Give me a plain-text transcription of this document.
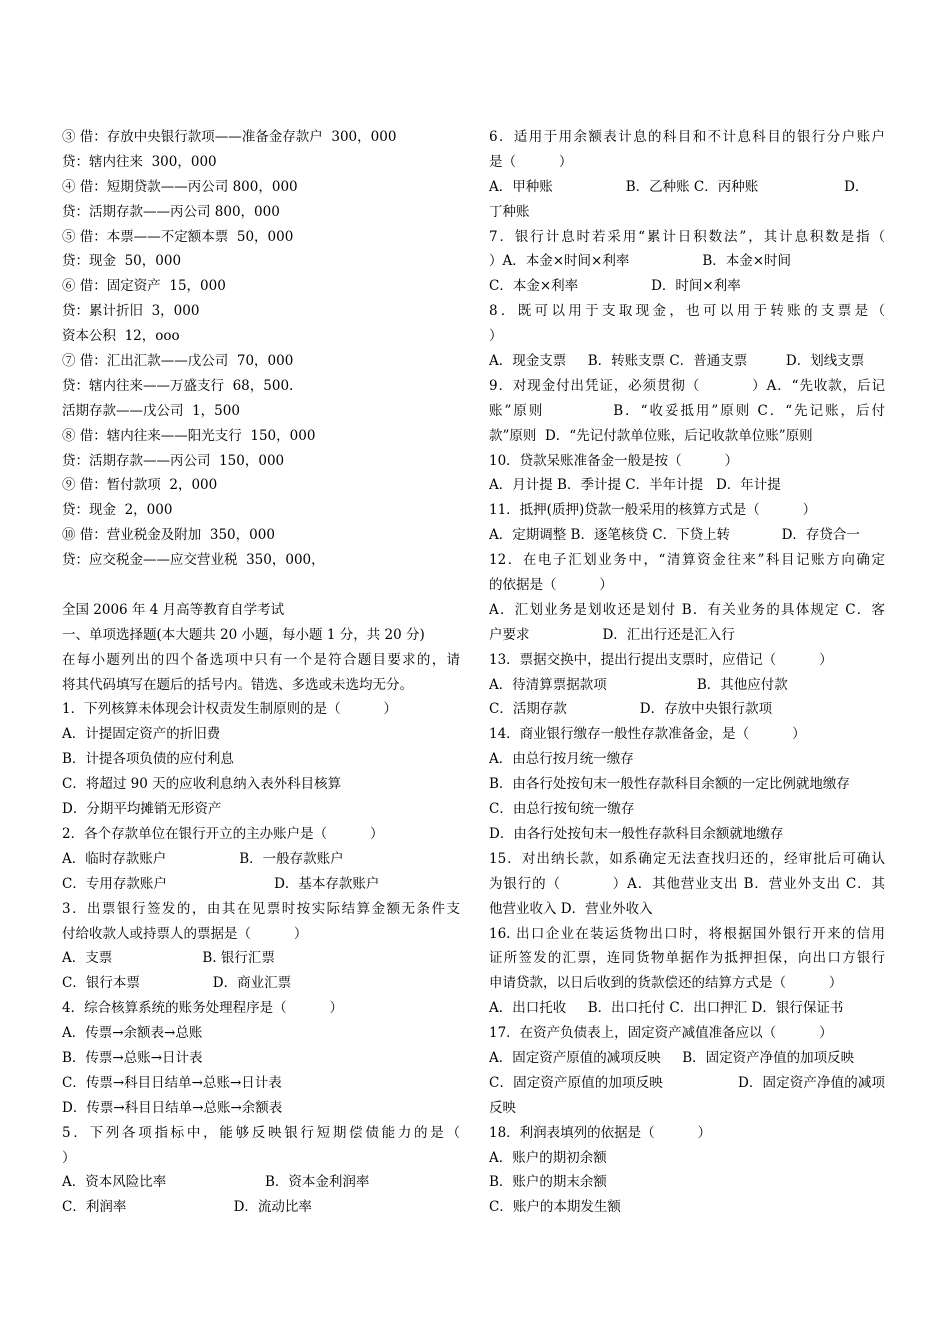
③ 借：存放中央银行款项——准备金存款户  300，000
贷：辖内往来  300，000
④ 借：短期贷款——丙公司 800，000
贷：活期存款——丙公司 800，000
⑤ 借：本票——不定额本票  50，000
贷：现金  50，000
⑥ 借：固定资产  15，000
贷：累计折旧  3，000
资本公积  12，ooo
⑦ 借：汇出汇款——戊公司  70，000
贷：辖内往来——万盛支行  68，500.
活期存款——戊公司  1，500
⑧ 借：辖内往来——阳光支行  150，000
贷：活期存款——丙公司  150，000
⑨ 借：暂付款项  2，000
贷：现金  2，000
⑩ 借：营业税金及附加  350，000
贷：应交税金——应交营业税  350，000，
全国 2006 年 4 月高等教育自学考试
一、单项选择题(本大题共 20 小题，每小题 1 分，共 20 分)
在每小题列出的四个备选项中只有一个是符合题目要求的，请
将其代码填写在题后的括号内。错选、多选或未选均无分。
1．下列核算未体现会计权责发生制原则的是（          ）
A．计提固定资产的折旧费
B．计提各项负债的应付利息
C．将超过 90 天的应收利息纳入表外科目核算
D．分期平均摊销无形资产
2．各个存款单位在银行开立的主办账户是（          ）
A．临时存款账户                 B．一般存款账户
C．专用存款账户                         D．基本存款账户
3．出票银行签发的，由其在见票时按实际结算金额无条件支
付给收款人或持票人的票据是（          ）
A．支票                     B. 银行汇票
C．银行本票                 D．商业汇票
4．综合核算系统的账务处理程序是（          ）
A．传票→余额表→总账
B．传票→总账→日计表
C．传票→科目日结单→总账→日计表
D．传票→科目日结单→总账→余额表
5．下列各项指标中，能够反映银行短期偿债能力的是（
）
A．资本风险比率                       B．资本金利润率
C．利润率                         D．流动比率
6．适用于用余额表计息的科目和不计息科目的银行分户账户
是（          ）
A．甲种账                 B．乙种账 C．丙种账                    D．
丁种账
7．银行计息时若采用“累计日积数法”，其计息积数是指（
）A．本金×时间×利率                 B．本金×时间
C．本金×利率                 D．时间×利率
8．既可以用于支取现金，也可以用于转账的支票是（
）
A．现金支票     B．转账支票 C．普通支票         D．划线支票
9．对现金付出凭证，必须贯彻（          ）A．“先收款，后记
账”原则           B．“收妥抵用”原则 C．“先记账，后付
款”原则  D．“先记付款单位账，后记收款单位账”原则
10．贷款呆账准备金一般是按（          ）
A．月计提 B．季计提 C．半年计提   D．年计提
11．抵押(质押)贷款一般采用的核算方式是（          ）
A．定期调整 B．逐笔核贷 C．下贷上转            D．存贷合一
12．在电子汇划业务中，“清算资金往来”科目记账方向确定
的依据是（          ）
A．汇划业务是划收还是划付 B．有关业务的具体规定 C．客
户要求                 D．汇出行还是汇入行
13．票据交换中，提出行提出支票时，应借记（          ）
A．待清算票据款项                     B．其他应付款
C．活期存款                 D．存放中央银行款项
14．商业银行缴存一般性存款准备金，是（          ）
A．由总行按月统一缴存
B．由各行处按旬末一般性存款科目余额的一定比例就地缴存
C．由总行按旬统一缴存
D．由各行处按旬末一般性存款科目余额就地缴存
15．对出纳长款，如系确定无法查找归还的，经审批后可确认
为银行的（          ）A．其他营业支出 B．营业外支出 C．其
他营业收入 D．营业外收入
16. 出口企业在装运货物出口时，将根据国外银行开来的信用
证所签发的汇票，连同货物单据作为抵押担保，向出口方银行
申请贷款，以日后收到的货款偿还的结算方式是（          ）
A．出口托收     B．出口托付 C．出口押汇 D．银行保证书
17．在资产负债表上，固定资产减值准备应以（          ）
A．固定资产原值的减项反映     B．固定资产净值的加项反映
C．固定资产原值的加项反映                 D．固定资产净值的减项
反映
18．利润表填列的依据是（          ）
A．账户的期初余额
B．账户的期末余额
C．账户的本期发生额
